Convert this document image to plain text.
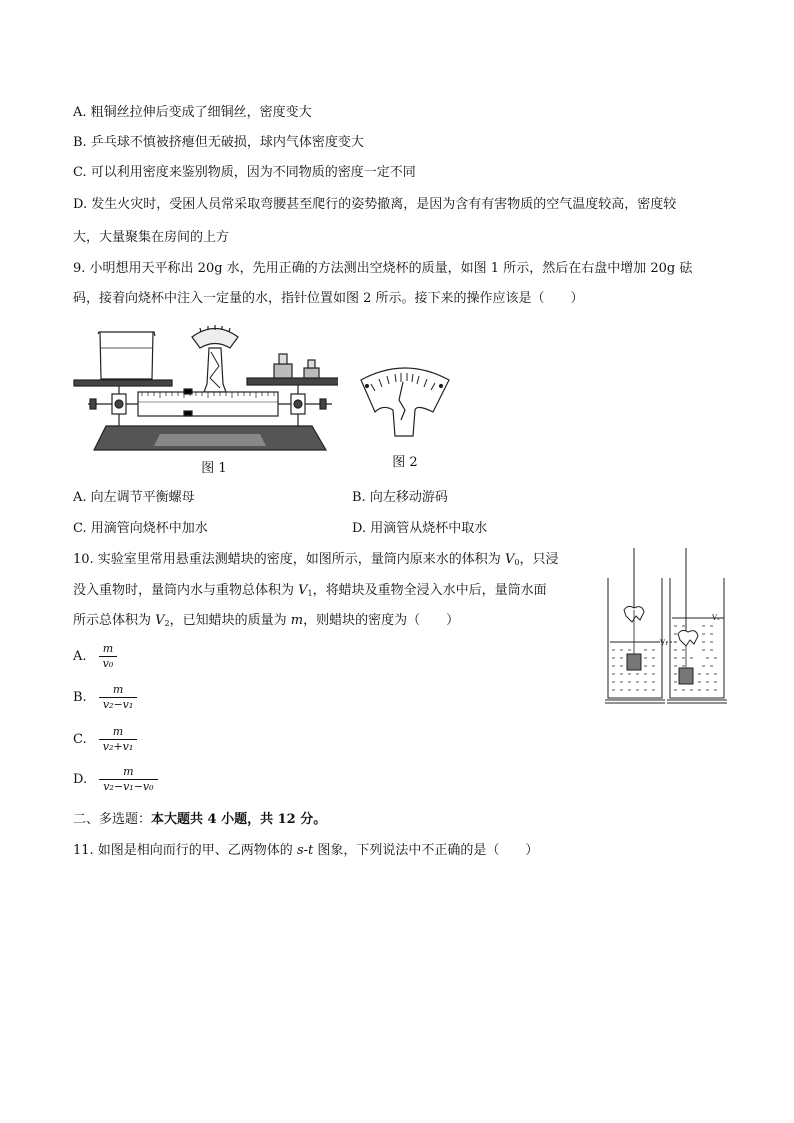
A. 粗铜丝拉伸后变成了细铜丝，密度变大
B. 乒乓球不慎被挤瘪但无破损，球内气体密度变大
C. 可以利用密度来鉴别物质，因为不同物质的密度一定不同
D. 发生火灾时，受困人员常采取弯腰甚至爬行的姿势撤离，是因为含有有害物质的空气温度较高，密度较
大，大量聚集在房间的上方
9. 小明想用天平称出 20g 水，先用正确的方法测出空烧杯的质量，如图 1 所示，然后在右盘中增加 20g 砝
码，接着向烧杯中注入一定量的水，指针位置如图 2 所示。接下来的操作应该是（　　）
图 1	图 2
A. 向左调节平衡螺母	B. 向左移动游码
C. 用滴管向烧杯中加水	D. 用滴管从烧杯中取水
10. 实验室里常用悬重法测蜡块的密度，如图所示，量筒内原来水的体积为 $V_0$，只浸
没入重物时，量筒内水与重物总体积为 $V_1$，将蜡块及重物全浸入水中后，量筒水面
所示总体积为 $V_2$，已知蜡块的质量为 m，则蜡块的密度为（　　）
V₁
V₂
A. $\frac{m}{\text{v₀}}$
B. $\frac{m}{\text{v₂−v₁}}$
C. $\frac{m}{\text{v₂+v₁}}$
D. $\frac{m}{\text{v₂−v₁−v₀}}$
二、多选题：本大题共 4 小题，共 12 分。
11. 如图是相向而行的甲、乙两物体的 s-t 图象，下列说法中不正确的是（　　）
